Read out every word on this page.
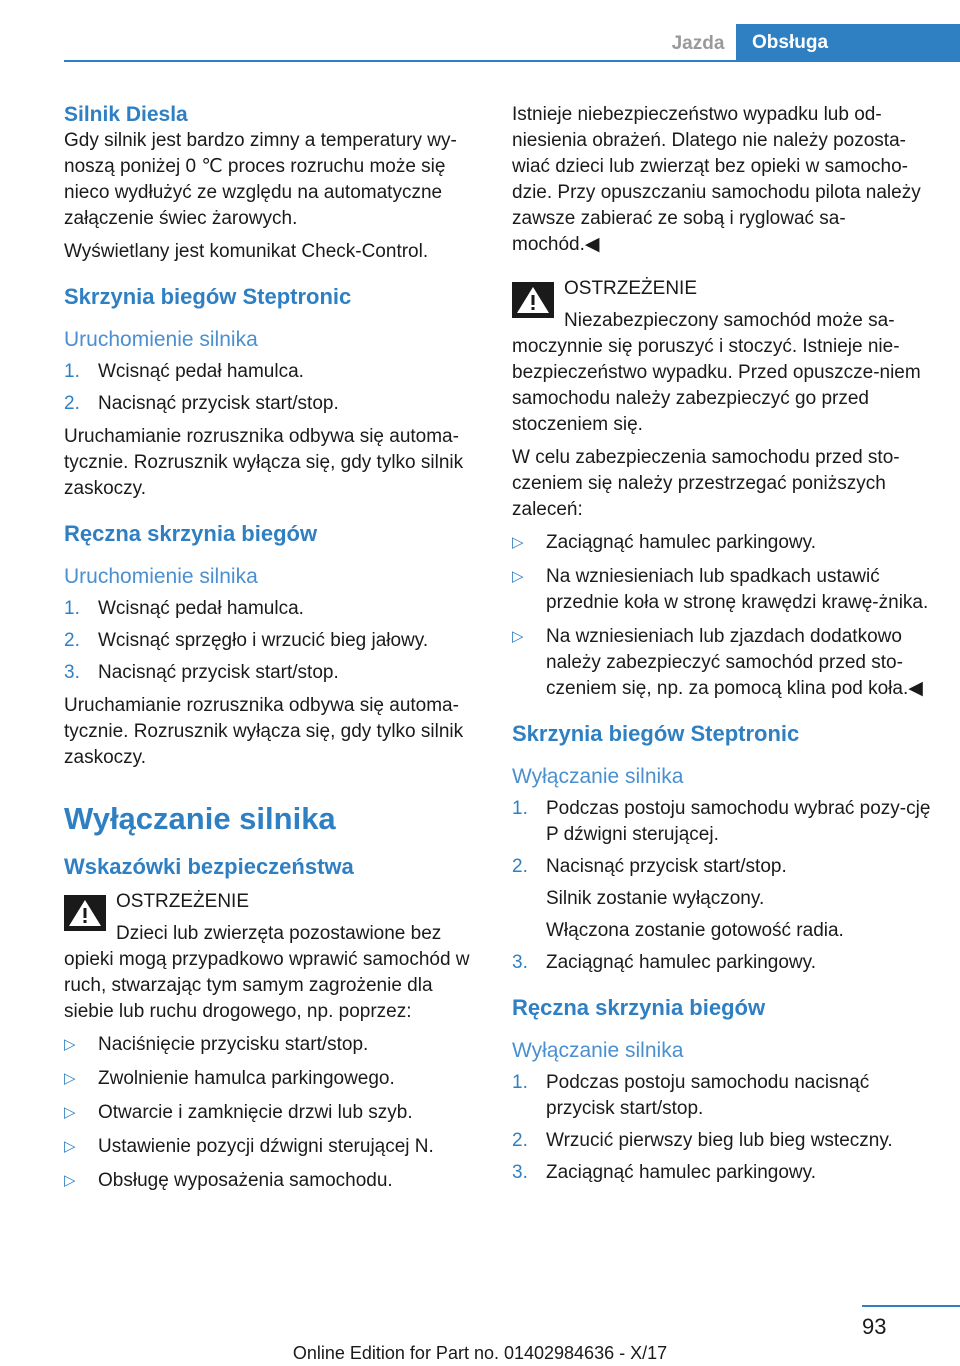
Jazda	Obsługa
Silnik Diesla

Gdy silnik jest bardzo zimny a temperatury wy-nоszą poniżej 0 ℃ proces rozruchu może się nieco wydłużyć ze względu na automatyczne załączenie świec żarowych.

Wyświetlany jest komunikat Check-Control.

Skrzynia biegów Steptronic
Uruchomienie silnika
1. Wcisnąć pedał hamulca.
2. Nacisnąć przycisk start/stop.

Uruchamianie rozrusznika odbywa się automa-tycznie. Rozrusznik wyłącza się, gdy tylko silnik zaskoczy.

Ręczna skrzynia biegów
Uruchomienie silnika
1. Wcisnąć pedał hamulca.
2. Wcisnąć sprzęgło i wrzucić bieg jałowy.
3. Nacisnąć przycisk start/stop.

Uruchamianie rozrusznika odbywa się automa-tycznie. Rozrusznik wyłącza się, gdy tylko silnik zaskoczy.

Wyłączanie silnika
Wskazówki bezpieczeństwa
OSTRZEŻENIE
Dzieci lub zwierzęta pozostawione bez
opieki mogą przypadkowo wprawić samochód w ruch, stwarzając tym samym zagrożenie dla siebie lub ruchu drogowego, np. poprzez:
▷ Naciśnięcie przycisku start/stop.
▷ Zwolnienie hamulca parkingowego.
▷ Otwarcie i zamknięcie drzwi lub szyb.
▷ Ustawienie pozycji dźwigni sterującej N.
▷ Obsługę wyposażenia samochodu.

Istnieje niebezpieczeństwo wypadku lub od-niesienia obrażeń. Dlatego nie należy pozosta-wiać dzieci lub zwierząt bez opieki w samocho-dzie. Przy opuszczaniu samochodu pilota należy zawsze zabierać ze sobą i ryglować sa-mochód.◀

OSTRZEŻENIE
Niezabezpieczony samochód może sa-
moczynnie się poruszyć i stoczyć. Istnieje nie-bezpieczeństwo wypadku. Przed opuszcze-niem samochodu należy zabezpieczyć go przed stoczeniem się.

W celu zabezpieczenia samochodu przed sto-czeniem się należy przestrzegać poniższych zaleceń:

▷ Zaciągnąć hamulec parkingowy.
▷ Na wzniesieniach lub spadkach ustawić przednie koła w stronę krawędzi krawę-żnika.
▷ Na wzniesieniach lub zjazdach dodatkowo należy zabezpieczyć samochód przed sto-czeniem się, np. za pomocą klina pod koła.◀
Skrzynia biegów Steptronic
Wyłączanie silnika
1. Podczas postoju samochodu wybrać pozy-cję P dźwigni sterującej.
2. Nacisnąć przycisk start/stop.
Silnik zostanie wyłączony.
Włączona zostanie gotowość radia.
3. Zaciągnąć hamulec parkingowy.
Ręczna skrzynia biegów
Wyłączanie silnika
1. Podczas postoju samochodu nacisnąć przycisk start/stop.
2. Wrzucić pierwszy bieg lub bieg wsteczny.
3. Zaciągnąć hamulec parkingowy.
93
Online Edition for Part no. 01402984636 - X/17
